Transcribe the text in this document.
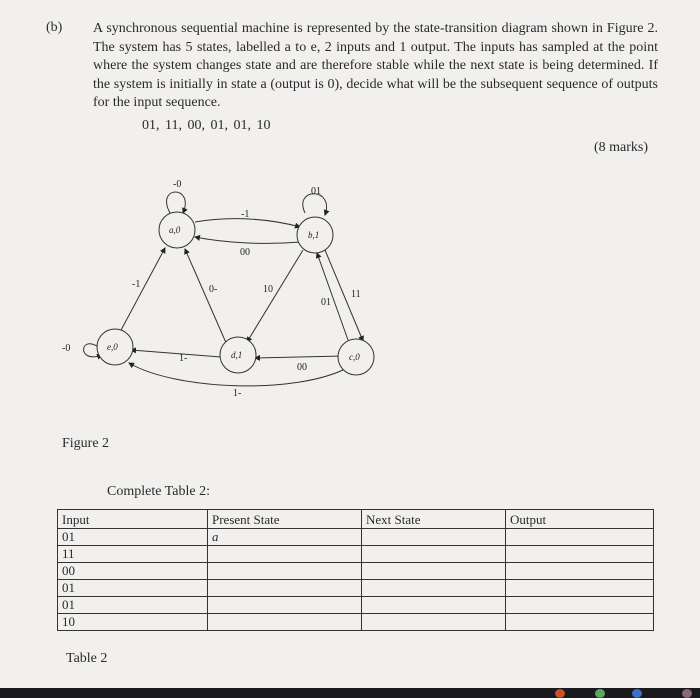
(b) A synchronous sequential machine is represented by the state-transition diagram shown in Figure 2. The system has 5 states, labelled a to e, 2 inputs and 1 output. The inputs has sampled at the point where the system changes state and are therefore stable while the next state is being determined. If the system is initially in state a (output is 0), decide what will be the subsequent sequence of outputs for the input sequence.
01, 11, 00, 01, 01, 10
(8 marks)
a,0	b,1
c,0
d,1
e,0
-0
-1
00
01
10	11
01
00
1-
0-
1-
-1
-0
Figure 2
Complete Table 2:
Input	Present State	Next State	Output
01	a		
11			
00			
01			
01			
10			
Table 2
